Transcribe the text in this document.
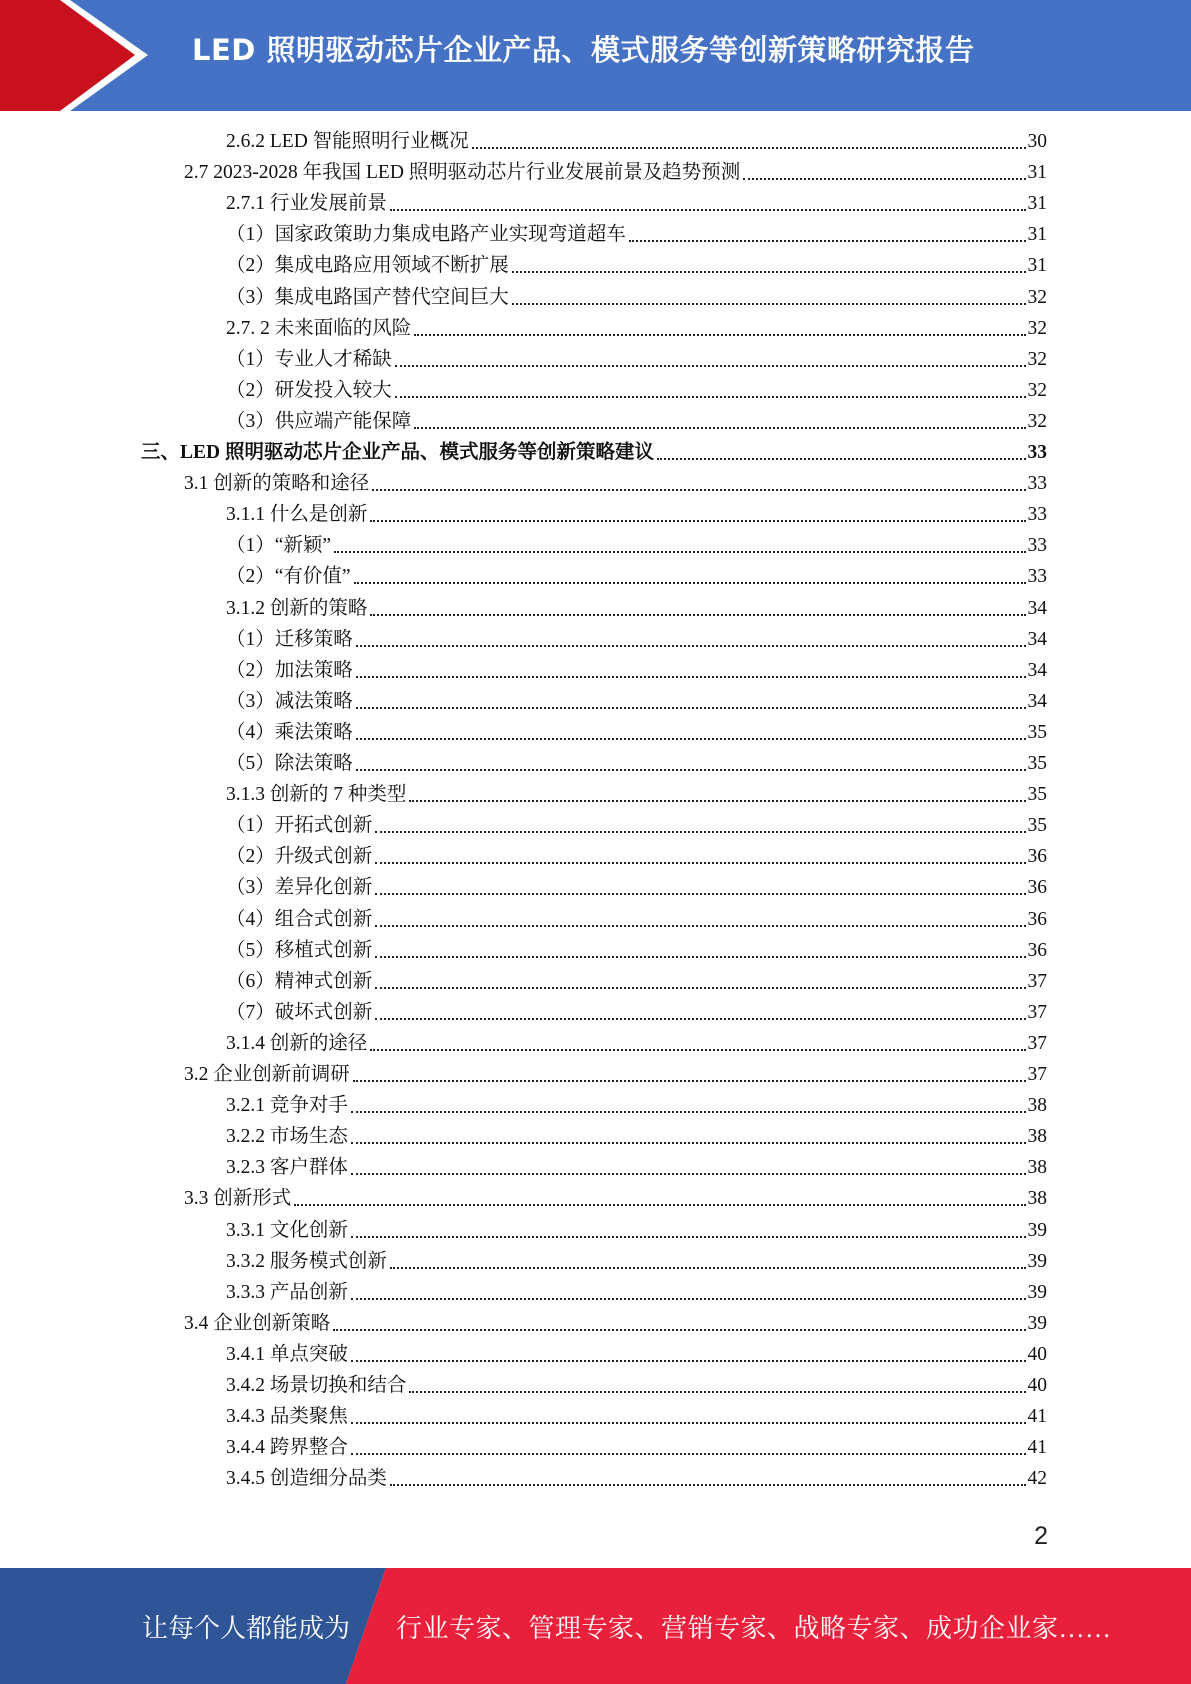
LED 照明驱动芯片企业产品、模式服务等创新策略研究报告
2.6.2 LED 智能照明行业概况	30
2.7 2023-2028 年我国 LED 照明驱动芯片行业发展前景及趋势预测	31
2.7.1 行业发展前景	31
（1）国家政策助力集成电路产业实现弯道超车	31
（2）集成电路应用领域不断扩展	31
（3）集成电路国产替代空间巨大	32
2.7. 2 未来面临的风险	32
（1）专业人才稀缺	32
（2）研发投入较大	32
（3）供应端产能保障	32
三、LED 照明驱动芯片企业产品、模式服务等创新策略建议	33
3.1 创新的策略和途径	33
3.1.1 什么是创新	33
（1）“新颖”	33
（2）“有价值”	33
3.1.2 创新的策略	34
（1）迁移策略	34
（2）加法策略	34
（3）减法策略	34
（4）乘法策略	35
（5）除法策略	35
3.1.3 创新的 7 种类型	35
（1）开拓式创新	35
（2）升级式创新	36
（3）差异化创新	36
（4）组合式创新	36
（5）移植式创新	36
（6）精神式创新	37
（7）破坏式创新	37
3.1.4 创新的途径	37
3.2 企业创新前调研	37
3.2.1 竞争对手	38
3.2.2 市场生态	38
3.2.3 客户群体	38
3.3 创新形式	38
3.3.1 文化创新	39
3.3.2 服务模式创新	39
3.3.3 产品创新	39
3.4 企业创新策略	39
3.4.1 单点突破	40
3.4.2 场景切换和结合	40
3.4.3 品类聚焦	41
3.4.4 跨界整合	41
3.4.5 创造细分品类	42
2
让每个人都能成为 行业专家、管理专家、营销专家、战略专家、成功企业家……
